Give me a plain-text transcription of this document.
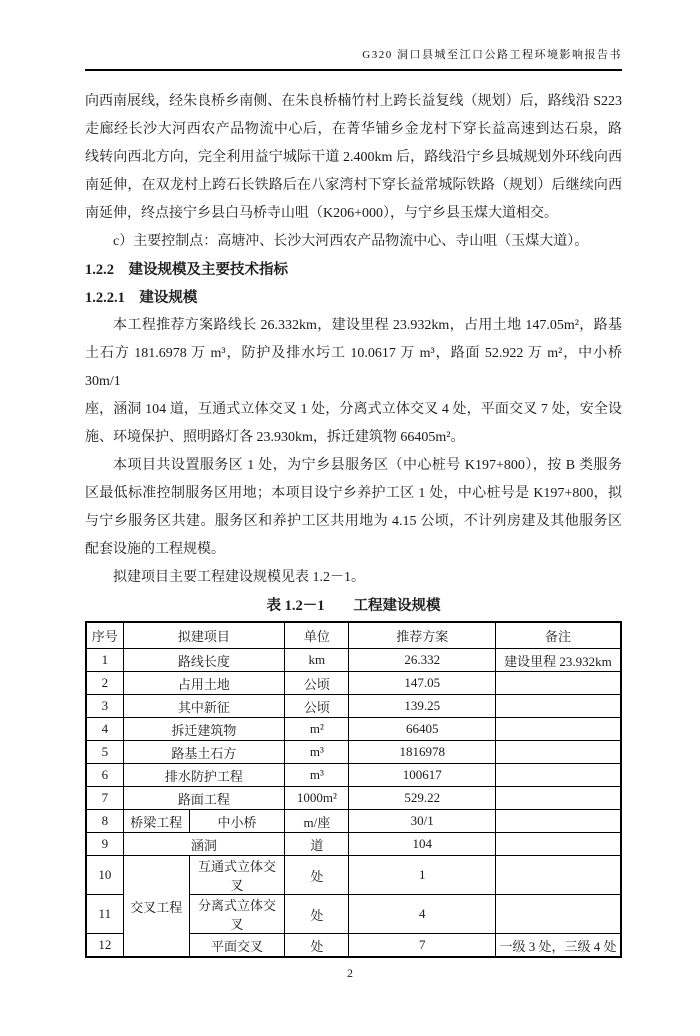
G320 洞口县城至江口公路工程环境影响报告书
向西南展线，经朱良桥乡南侧、在朱良桥楠竹村上跨长益复线（规划）后，路线沿 S223
走廊经长沙大河西农产品物流中心后，在菁华铺乡金龙村下穿长益高速到达石泉，路
线转向西北方向，完全利用益宁城际干道 2.400km 后，路线沿宁乡县城规划外环线向西
南延伸，在双龙村上跨石长铁路后在八家湾村下穿长益常城际铁路（规划）后继续向西
南延伸，终点接宁乡县白马桥寺山咀（K206+000），与宁乡县玉煤大道相交。
c）主要控制点：高塘冲、长沙大河西农产品物流中心、寺山咀（玉煤大道）。
1.2.2　建设规模及主要技术指标
1.2.2.1　建设规模
本工程推荐方案路线长 26.332km，建设里程 23.932km，占用土地 147.05m²，路基
土石方 181.6978 万 m³，防护及排水圬工 10.0617 万 m³，路面 52.922 万 m²，中小桥 30m/1
座，涵洞 104 道，互通式立体交叉 1 处，分离式立体交叉 4 处，平面交叉 7 处，安全设
施、环境保护、照明路灯各 23.930km，拆迁建筑物 66405m²。
本项目共设置服务区 1 处，为宁乡县服务区（中心桩号 K197+800），按 B 类服务
区最低标准控制服务区用地；本项目设宁乡养护工区 1 处，中心桩号是 K197+800，拟
与宁乡服务区共建。服务区和养护工区共用地为 4.15 公顷，不计列房建及其他服务区
配套设施的工程规模。
拟建项目主要工程建设规模见表 1.2－1。
表 1.2－1　　工程建设规模
序号	拟建项目		单位	推荐方案	备注
1	路线长度		km	26.332	建设里程 23.932km
2	占用土地		公顷	147.05	
3	其中新征		公顷	139.25	
4	拆迁建筑物		m²	66405	
5	路基土石方		m³	1816978	
6	排水防护工程		m³	100617	
7	路面工程		1000m²	529.22	
8	桥梁工程	中小桥	m/座	30/1	
9	涵洞		道	104	
10	交叉工程	互通式立体交叉	处	1	
11		分离式立体交叉	处	4	
12		平面交叉	处	7	一级 3 处，三级 4 处
2
